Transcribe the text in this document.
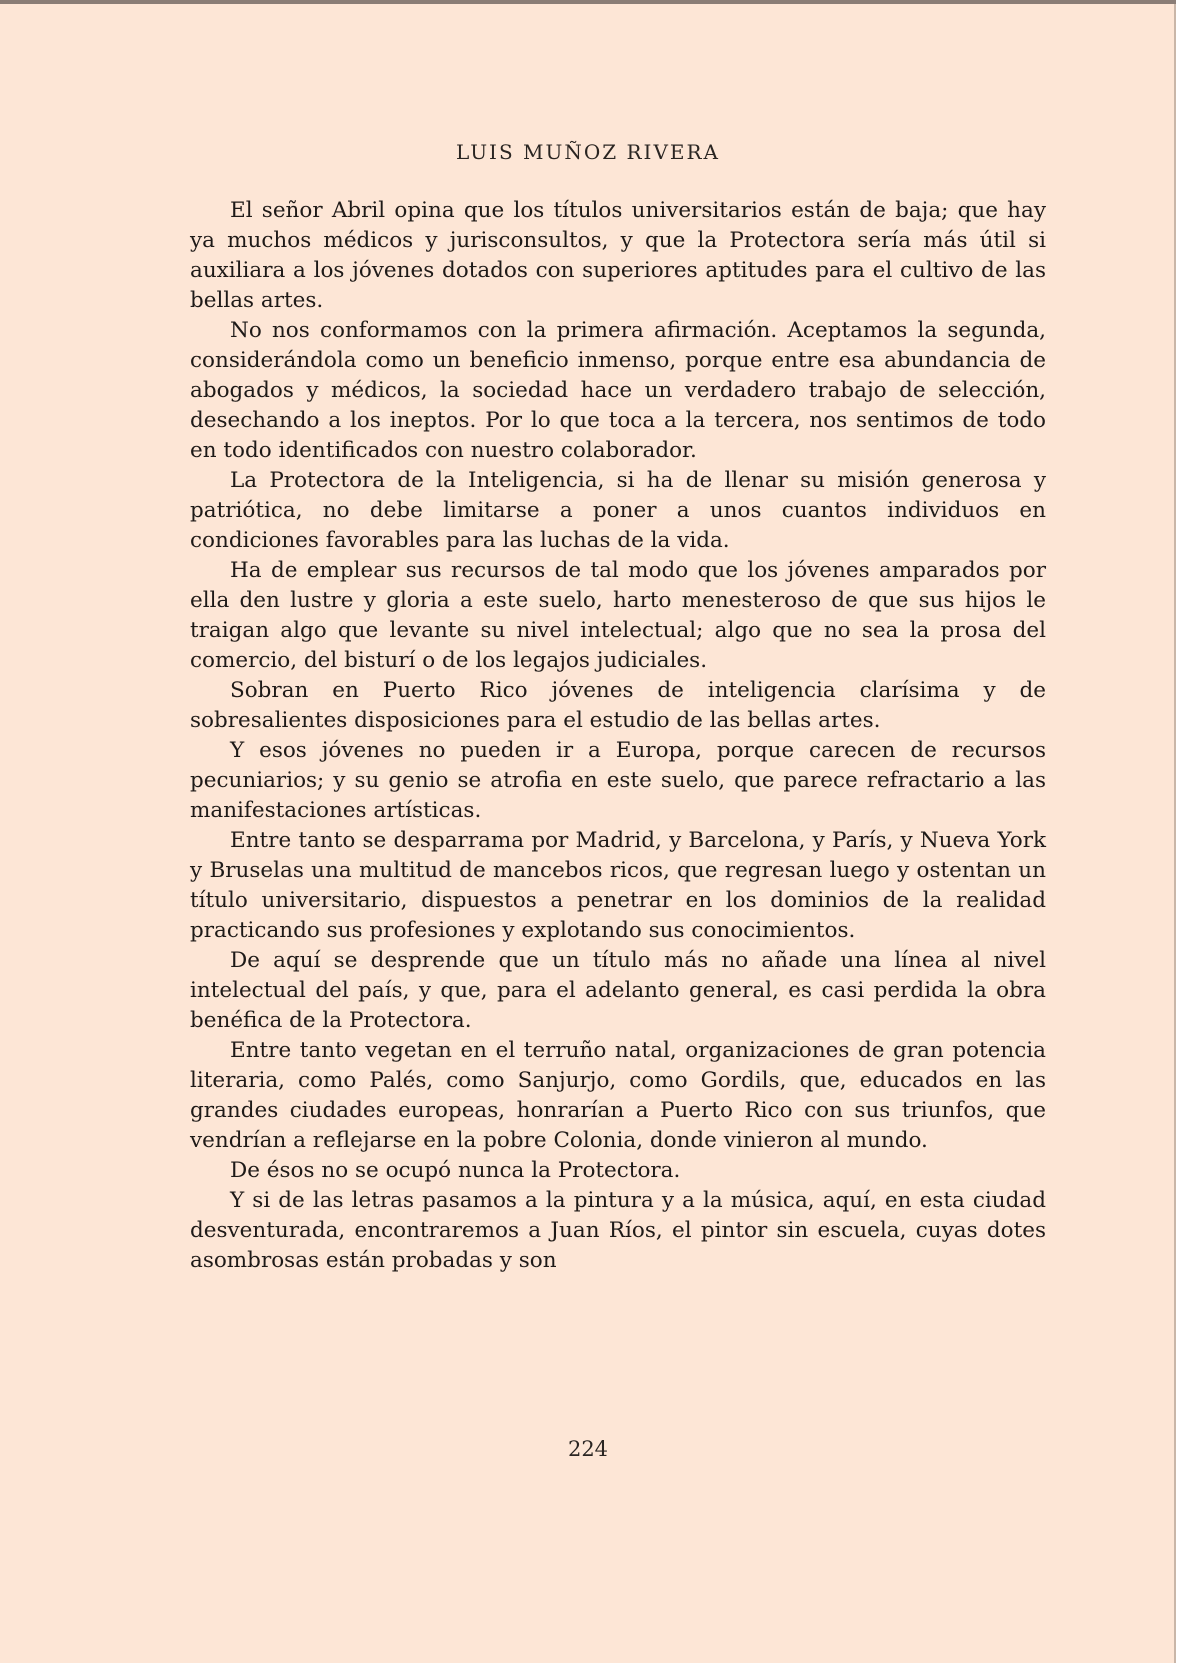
LUIS MUÑOZ RIVERA

El señor Abril opina que los títulos universitarios están de baja; que hay ya muchos médicos y jurisconsultos, y que la Protectora sería más útil si auxiliara a los jóvenes dotados con superiores aptitudes para el cultivo de las bellas artes.

No nos conformamos con la primera afirmación. Aceptamos la segunda, considerándola como un beneficio inmenso, porque entre esa abundancia de abogados y médicos, la sociedad hace un verdadero trabajo de selección, desechando a los ineptos. Por lo que toca a la tercera, nos sentimos de todo en todo identificados con nuestro colaborador.

La Protectora de la Inteligencia, si ha de llenar su misión generosa y patriótica, no debe limitarse a poner a unos cuantos individuos en condiciones favorables para las luchas de la vida.

Ha de emplear sus recursos de tal modo que los jóvenes amparados por ella den lustre y gloria a este suelo, harto menesteroso de que sus hijos le traigan algo que levante su nivel intelectual; algo que no sea la prosa del comercio, del bisturí o de los legajos judiciales.

Sobran en Puerto Rico jóvenes de inteligencia clarísima y de sobresalientes disposiciones para el estudio de las bellas artes.

Y esos jóvenes no pueden ir a Europa, porque carecen de recursos pecuniarios; y su genio se atrofia en este suelo, que parece refractario a las manifestaciones artísticas.

Entre tanto se desparrama por Madrid, y Barcelona, y París, y Nueva York y Bruselas una multitud de mancebos ricos, que regresan luego y ostentan un título universitario, dispuestos a penetrar en los dominios de la realidad practicando sus profesiones y explotando sus conocimientos.

De aquí se desprende que un título más no añade una línea al nivel intelectual del país, y que, para el adelanto general, es casi perdida la obra benéfica de la Protectora.

Entre tanto vegetan en el terruño natal, organizaciones de gran potencia literaria, como Palés, como Sanjurjo, como Gordils, que, educados en las grandes ciudades europeas, honrarían a Puerto Rico con sus triunfos, que vendrían a reflejarse en la pobre Colonia, donde vinieron al mundo.

De ésos no se ocupó nunca la Protectora.

Y si de las letras pasamos a la pintura y a la música, aquí, en esta ciudad desventurada, encontraremos a Juan Ríos, el pintor sin escuela, cuyas dotes asombrosas están probadas y son

224
